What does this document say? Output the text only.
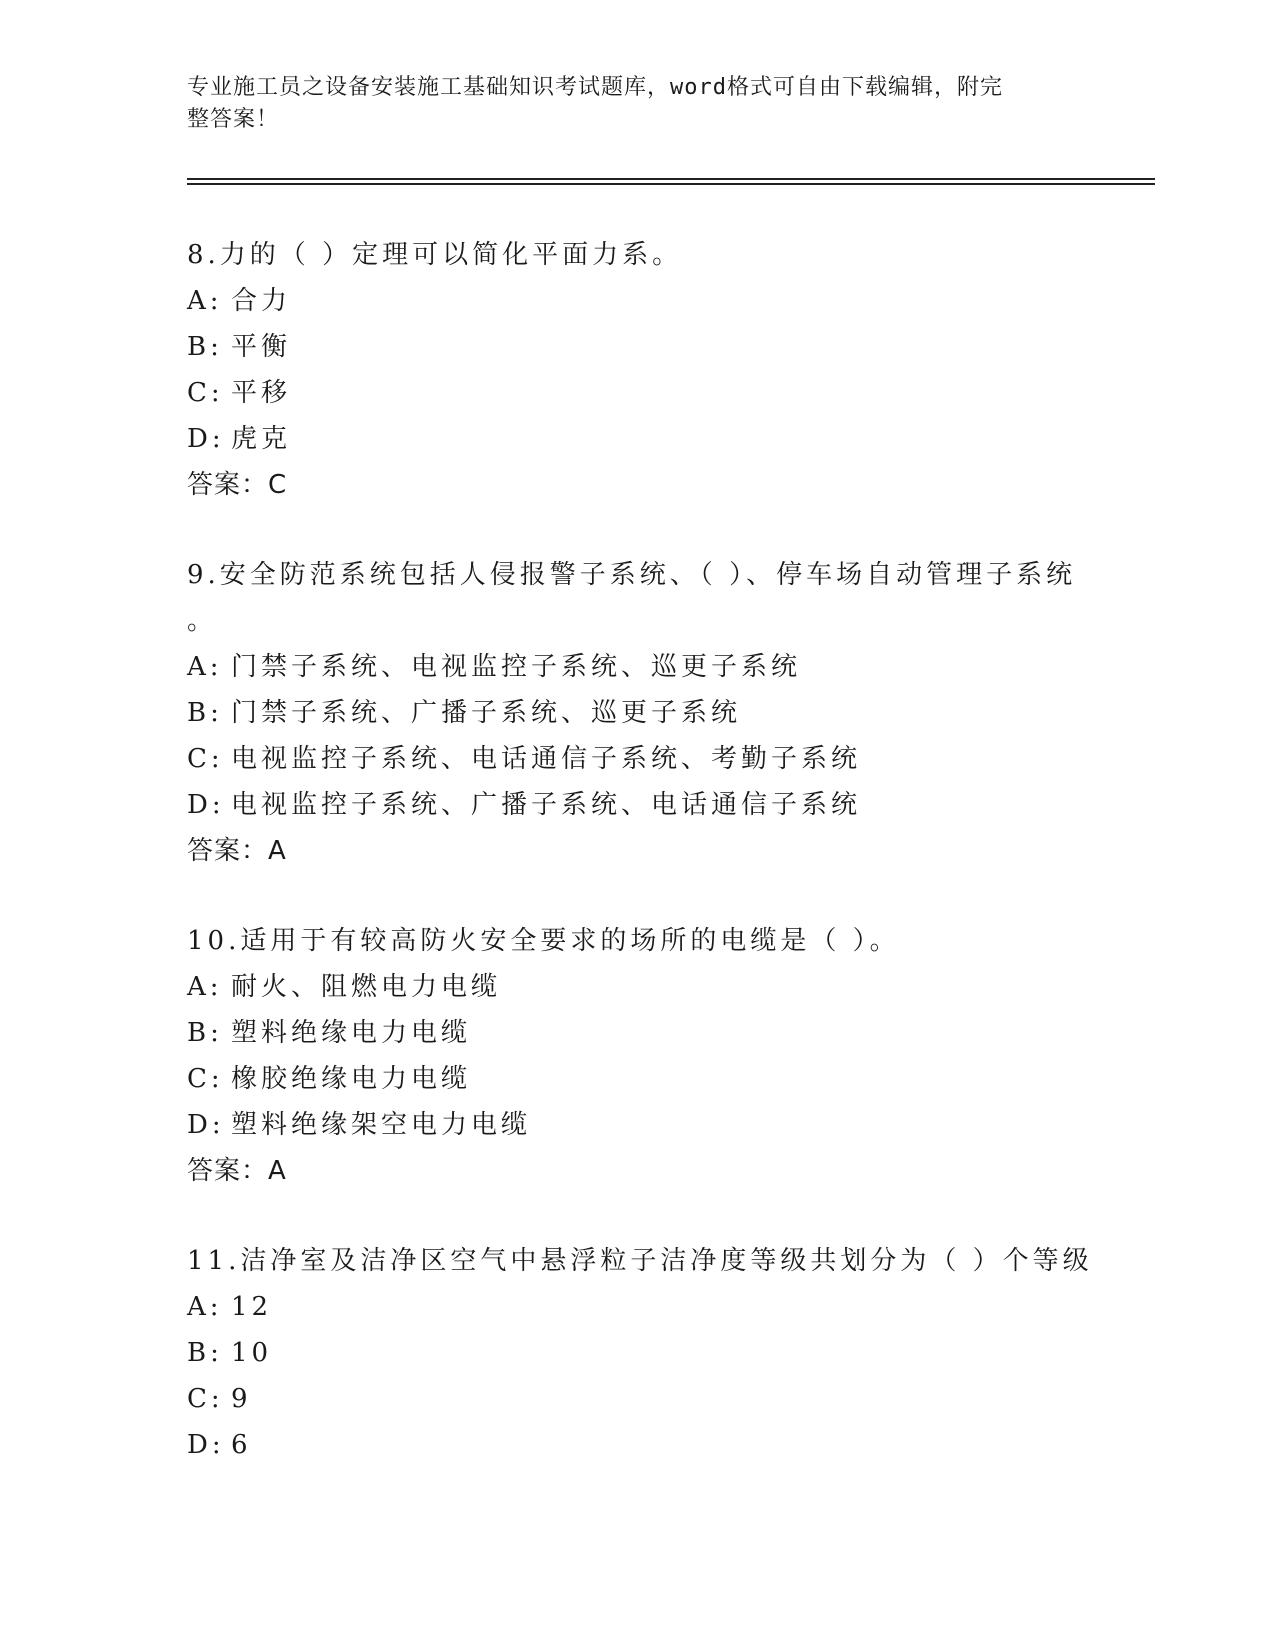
专业施工员之设备安装施工基础知识考试题库，word格式可自由下载编辑，附完
整答案！
8.力的（ ）定理可以简化平面力系。
A: 合力
B: 平衡
C: 平移
D: 虎克
答案：C
9.安全防范系统包括人侵报警子系统、（ ）、停车场自动管理子系统
。
A: 门禁子系统、电视监控子系统、巡更子系统
B: 门禁子系统、广播子系统、巡更子系统
C: 电视监控子系统、电话通信子系统、考勤子系统
D: 电视监控子系统、广播子系统、电话通信子系统
答案：A
10.适用于有较高防火安全要求的场所的电缆是（ ）。
A: 耐火、阻燃电力电缆
B: 塑料绝缘电力电缆
C: 橡胶绝缘电力电缆
D: 塑料绝缘架空电力电缆
答案：A
11.洁净室及洁净区空气中悬浮粒子洁净度等级共划分为（ ）个等级
A: 12
B: 10
C: 9
D: 6
